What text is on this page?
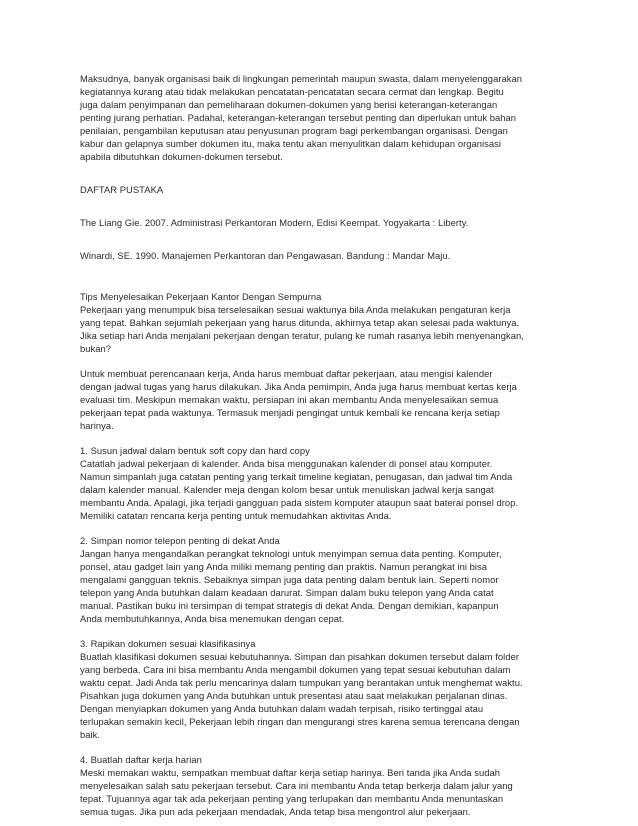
Maksudnya, banyak organisasi baik di lingkungan pemerintah maupun swasta, dalam menyelenggarakan

kegiatannya kurang atau tidak melakukan pencatatan-pencatatan secara cermat dan lengkap. Begitu

juga dalam penyimpanan dan pemeliharaan dokumen-dokumen yang berisi keterangan-keterangan

penting jurang perhatian. Padahal, keterangan-keterangan tersebut penting dan diperlukan untuk bahan

penilaian, pengambilan keputusan atau penyusunan program bagi perkembangan organisasi. Dengan

kabur dan gelapnya sumber dokumen itu, maka tentu akan menyulitkan dalam kehidupan organisasi

apabila dibutuhkan dokumen-dokumen tersebut.

DAFTAR PUSTAKA

The Liang Gie. 2007. Administrasi Perkantoran Modern, Edisi Keempat. Yogyakarta : Liberty.

Winardi, SE. 1990. Manajemen Perkantoran dan Pengawasan. Bandung : Mandar Maju.

Tips Menyelesaikan Pekerjaan Kantor Dengan Sempurna

Pekerjaan yang menumpuk bisa terselesaikan sesuai waktunya bila Anda melakukan pengaturan kerja

yang tepat. Bahkan sejumlah pekerjaan yang harus ditunda, akhirnya tetap akan selesai pada waktunya.

Jika setiap hari Anda menjalani pekerjaan dengan teratur, pulang ke rumah rasanya lebih menyenangkan,

bukan?

Untuk membuat perencanaan kerja, Anda harus membuat daftar pekerjaan, atau mengisi kalender

dengan jadwal tugas yang harus dilakukan. Jika Anda pemimpin, Anda juga harus membuat kertas kerja

evaluasi tim. Meskipun memakan waktu, persiapan ini akan membantu Anda menyelesaikan semua

pekerjaan tepat pada waktunya. Termasuk menjadi pengingat untuk kembali ke rencana kerja setiap

harinya.

1. Susun jadwal dalam bentuk soft copy dan hard copy

Catatlah jadwal pekerjaan di kalender. Anda bisa menggunakan kalender di ponsel atau komputer.

Namun simpanlah juga catatan penting yang terkait timeline kegiatan, penugasan, dan jadwal tim Anda

dalam kalender manual. Kalender meja dengan kolom besar untuk menuliskan jadwal kerja sangat

membantu Anda. Apalagi, jika terjadi gangguan pada sistem komputer ataupun saat baterai ponsel drop.

Memiliki catatan rencana kerja penting untuk memudahkan aktivitas Anda.

2. Simpan nomor telepon penting di dekat Anda

Jangan hanya mengandalkan perangkat teknologi untuk menyimpan semua data penting. Komputer,

ponsel, atau gadget lain yang Anda miliki memang penting dan praktis. Namun perangkat ini bisa

mengalami gangguan teknis. Sebaiknya simpan juga data penting dalam bentuk lain. Seperti nomor

telepon yang Anda butuhkan dalam keadaan darurat. Simpan dalam buku telepon yang Anda catat

manual. Pastikan buku ini tersimpan di tempat strategis di dekat Anda. Dengan demikian, kapanpun

Anda membutuhkannya, Anda bisa menemukan dengan cepat.

3. Rapikan dokumen sesuai klasifikasinya

Buatlah klasifikasi dokumen sesuai kebutuhannya. Simpan dan pisahkan dokumen tersebut dalam folder

yang berbeda. Cara ini bisa membantu Anda mengambil dokumen yang tepat sesuai kebutuhan dalam

waktu cepat. Jadi Anda tak perlu mencarinya dalam tumpukan yang berantakan untuk menghemat waktu.

Pisahkan juga dokumen yang Anda butuhkan untuk presentasi atau saat melakukan perjalanan dinas.

Dengan menyiapkan dokumen yang Anda butuhkan dalam wadah terpisah, risiko tertinggal atau

terlupakan semakin kecil, Pekerjaan lebih ringan dan mengurangi stres karena semua terencana dengan

baik.

4. Buatlah daftar kerja harian

Meski memakan waktu, sempatkan membuat daftar kerja setiap harinya. Beri tanda jika Anda sudah

menyelesaikan salah satu pekerjaan tersebut. Cara ini membantu Anda tetap berkerja dalam jalur yang

tepat. Tujuannya agar tak ada pekerjaan penting yang terlupakan dan membantu Anda menuntaskan

semua tugas. Jika pun ada pekerjaan mendadak, Anda tetap bisa mengontrol alur pekerjaan.
